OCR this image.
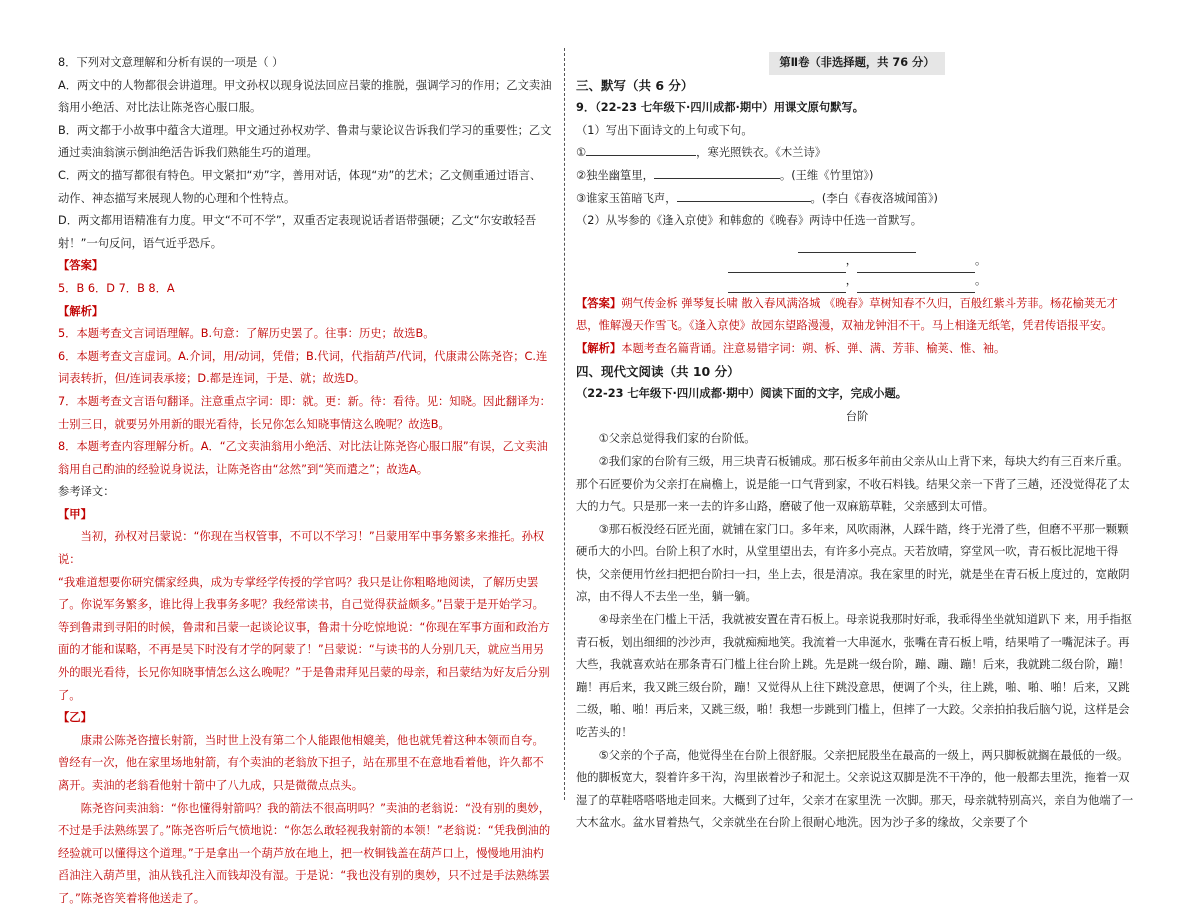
8．下列对文意理解和分析有误的一项是（ ）

A．两文中的人物都很会讲道理。甲文孙权以现身说法回应吕蒙的推脱，强调学习的作用；乙文卖油翁用小绝活、对比法让陈尧咨心服口服。

B．两文都于小故事中蕴含大道理。甲文通过孙权劝学、鲁肃与蒙论议告诉我们学习的重要性；乙文通过卖油翁演示倒油绝活告诉我们熟能生巧的道理。

C．两文的描写都很有特色。甲文紧扣“劝”字，善用对话，体现“劝”的艺术；乙文侧重通过语言、动作、神态描写来展现人物的心理和个性特点。

D．两文都用语精准有力度。甲文“不可不学”，双重否定表现说话者语带强硬；乙文“尔安敢轻吾射！”一句反问，语气近乎恐斥。

【答案】

5．B 6．D 7．B 8．A

【解析】

5．本题考查文言词语理解。B.句意：了解历史罢了。往事：历史；故选B。

6．本题考查文言虚词。A.介词，用/动词，凭借；B.代词，代指葫芦/代词，代康肃公陈尧咨；C.连词表转折，但/连词表承接；D.都是连词，于是、就；故选D。

7．本题考查文言语句翻译。注意重点字词：即：就。更：新。待：看待。见：知晓。因此翻译为：士别三日，就要另外用新的眼光看待，长兄你怎么知晓事情这么晚呢？故选B。

8．本题考查内容理解分析。A．“乙文卖油翁用小绝活、对比法让陈尧咨心服口服”有误，乙文卖油翁用自己酌油的经验说身说法，让陈尧咨由“忿然”到“笑而遣之”；故选A。

参考译文：

【甲】

当初，孙权对吕蒙说：“你现在当权管事，不可以不学习！”吕蒙用军中事务繁多来推托。孙权说：

“我难道想要你研究儒家经典，成为专掌经学传授的学官吗？我只是让你粗略地阅读，了解历史罢了。你说军务繁多，谁比得上我事务多呢？我经常读书，自己觉得获益颇多。”吕蒙于是开始学习。等到鲁肃到寻阳的时候，鲁肃和吕蒙一起谈论议事，鲁肃十分吃惊地说：“你现在军事方面和政治方面的才能和谋略，不再是吴下时没有才学的阿蒙了！”吕蒙说：“与读书的人分别几天，就应当用另外的眼光看待，长兄你知晓事情怎么这么晚呢？”于是鲁肃拜见吕蒙的母亲，和吕蒙结为好友后分别了。

【乙】

康肃公陈尧咨擅长射箭，当时世上没有第二个人能跟他相媲美，他也就凭着这种本领而自夸。曾经有一次，他在家里场地射箭，有个卖油的老翁放下担子，站在那里不在意地看着他，许久都不离开。卖油的老翁看他射十箭中了八九成，只是微微点点头。

陈尧咨问卖油翁：“你也懂得射箭吗？我的箭法不很高明吗？”卖油的老翁说：“没有别的奥妙，不过是手法熟练罢了。”陈尧咨听后气愤地说：“你怎么敢轻视我射箭的本领！”老翁说：“凭我倒油的经验就可以懂得这个道理。”于是拿出一个葫芦放在地上，把一枚铜钱盖在葫芦口上，慢慢地用油杓舀油注入葫芦里，油从钱孔注入而钱却没有湿。于是说：“我也没有别的奥妙，只不过是手法熟练罢了。”陈尧咨笑着将他送走了。

第Ⅱ卷（非选择题，共 76 分）

三、默写（共 6 分）

9．（22-23 七年级下·四川成都·期中）用课文原句默写。

（1）写出下面诗文的上句或下句。

①	，寒光照铁衣。《木兰诗》

②独坐幽篁里，	。(王维《竹里馆》)

③谁家玉笛暗飞声，	。(李白《春夜洛城闻笛》)

（2）从岑参的《逢入京使》和韩愈的《晚春》两诗中任选一首默写。

，	。
，	。

【答案】朔气传金柝 弹琴复长啸 散入春风满洛城 《晚春》草树知春不久归，百般红紫斗芳菲。杨花榆荚无才思，惟解漫天作雪飞。《逢入京使》故园东望路漫漫，双袖龙钟泪不干。马上相逢无纸笔，凭君传语报平安。

【解析】本题考查名篇背诵。注意易错字词：朔、柝、弹、满、芳菲、榆荚、惟、袖。

四、现代文阅读（共 10 分）

（22-23 七年级下·四川成都·期中）阅读下面的文字，完成小题。

台阶

①父亲总觉得我们家的台阶低。

②我们家的台阶有三级，用三块青石板铺成。那石板多年前由父亲从山上背下来，每块大约有三百来斤重。那个石匠要价为父亲打在扁檐上，说是能一口气背到家，不收石料钱。结果父亲一下背了三趟，还没觉得花了太大的力气。只是那一来一去的许多山路，磨破了他一双麻筋草鞋，父亲感到太可惜。

③那石板没经石匠光面，就铺在家门口。多年来，风吹雨淋，人踩牛踏，终于光滑了些，但磨不平那一颗颗硬币大的小凹。台阶上积了水时，从堂里望出去，有许多小亮点。天若放晴，穿堂风一吹，青石板比泥地干得快，父亲便用竹丝扫把把台阶扫一扫，坐上去，很是清凉。我在家里的时光，就是坐在青石板上度过的，宽敞阴凉，由不得人不去坐一坐，躺一躺。

④母亲坐在门槛上干活，我就被安置在青石板上。母亲说我那时好乖，我乖得坐坐就知道趴下 来，用手指抠青石板，划出细细的沙沙声，我就痴痴地笑。我流着一大串涎水，张嘴在青石板上啃，结果啃了一嘴泥沫子。再大些，我就喜欢站在那条青石门槛上往台阶上跳。先是跳一级台阶，蹦、蹦、蹦！后来，我就跳二级台阶，蹦！蹦！再后来，我又跳三级台阶，蹦！又觉得从上往下跳没意思，便调了个头，往上跳，啪、啪、啪！后来，又跳二级，啪、啪！再后来，又跳三级，啪！我想一步跳到门槛上，但摔了一大跤。父亲拍拍我后脑勺说，这样是会吃苦头的！

⑤父亲的个子高，他觉得坐在台阶上很舒服。父亲把屁股坐在最高的一级上，两只脚板就搁在最低的一级。他的脚板宽大，裂着许多干沟，沟里嵌着沙子和泥土。父亲说这双脚是洗不干净的，他一般都去里洗，拖着一双湿了的草鞋嗒嗒嗒地走回来。大概到了过年，父亲才在家里洗 一次脚。那天，母亲就特别高兴，亲自为他端了一大木盆水。盆水冒着热气，父亲就坐在台阶上很耐心地洗。因为沙子多的缘故，父亲要了个
